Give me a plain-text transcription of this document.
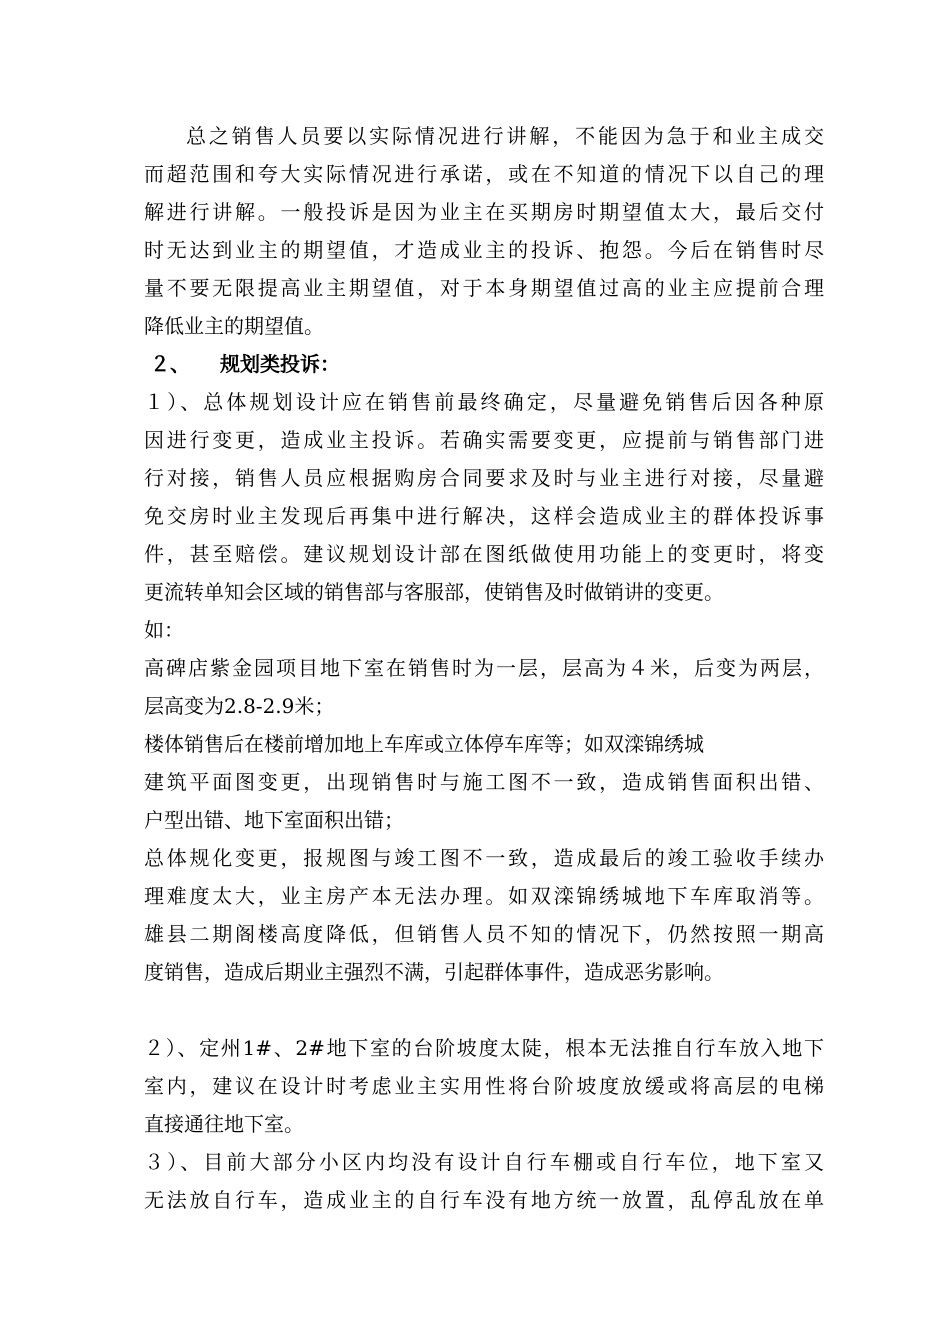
总之销售人员要以实际情况进行讲解，不能因为急于和业主成交
而超范围和夸大实际情况进行承诺，或在不知道的情况下以自己的理
解进行讲解。一般投诉是因为业主在买期房时期望值太大，最后交付
时无达到业主的期望值，才造成业主的投诉、抱怨。今后在销售时尽
量不要无限提高业主期望值，对于本身期望值过高的业主应提前合理
降低业主的期望值。
２、 规划类投诉：
１）、总体规划设计应在销售前最终确定，尽量避免销售后因各种原
因进行变更，造成业主投诉。若确实需要变更，应提前与销售部门进
行对接，销售人员应根据购房合同要求及时与业主进行对接，尽量避
免交房时业主发现后再集中进行解决，这样会造成业主的群体投诉事
件，甚至赔偿。建议规划设计部在图纸做使用功能上的变更时，将变
更流转单知会区域的销售部与客服部，使销售及时做销讲的变更。
如：
高碑店紫金园项目地下室在销售时为一层，层高为４米，后变为两层，
层高变为2.8-2.9米；
楼体销售后在楼前增加地上车库或立体停车库等；如双滦锦绣城
建筑平面图变更，出现销售时与施工图不一致，造成销售面积出错、
户型出错、地下室面积出错；
总体规化变更，报规图与竣工图不一致，造成最后的竣工验收手续办
理难度太大，业主房产本无法办理。如双滦锦绣城地下车库取消等。
雄县二期阁楼高度降低，但销售人员不知的情况下，仍然按照一期高
度销售，造成后期业主强烈不满，引起群体事件，造成恶劣影响。
２）、定州1#、2#地下室的台阶坡度太陡，根本无法推自行车放入地下
室内，建议在设计时考虑业主实用性将台阶坡度放缓或将高层的电梯
直接通往地下室。
３）、目前大部分小区内均没有设计自行车棚或自行车位，地下室又
无法放自行车，造成业主的自行车没有地方统一放置，乱停乱放在单
